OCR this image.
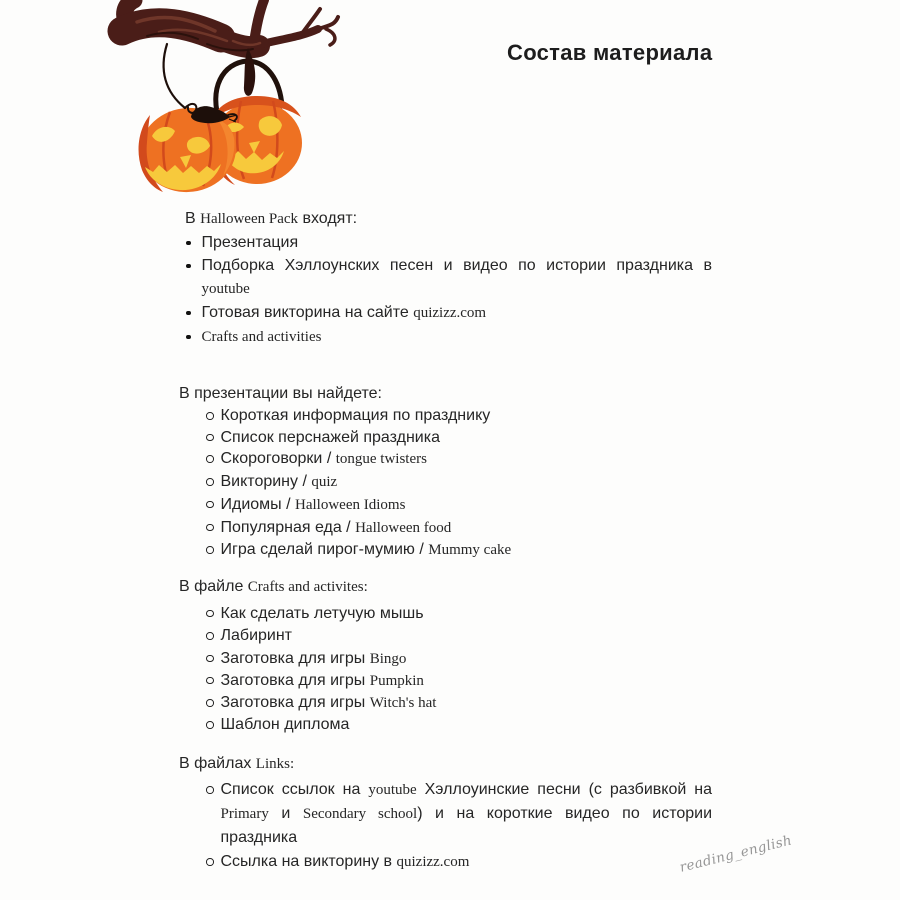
Состав материала
В Halloween Pack входят:
Презентация
Подборка Хэллоунских песен и видео по истории праздника в
youtube
Готовая викторина на сайте quizizz.com
Crafts and activities
В презентации вы найдете:
Короткая информация по празднику
Список перснажей праздника
Скороговорки / tongue twisters
Викторину / quiz
Идиомы / Halloween Idioms
Популярная еда / Halloween food
Игра сделай пирог-мумию / Mummy cake
В файле Crafts and activites:
Как сделать летучую мышь
Лабиринт
Заготовка для игры Bingo
Заготовка для игры Pumpkin
Заготовка для игры Witch's hat
Шаблон диплома
В файлах Links:
Список ссылок на youtube Хэллоуинские песни (с разбивкой на
Primary и Secondary school) и на короткие видео по истории
праздника
Ссылка на викторину в quizizz.com	reading_english
